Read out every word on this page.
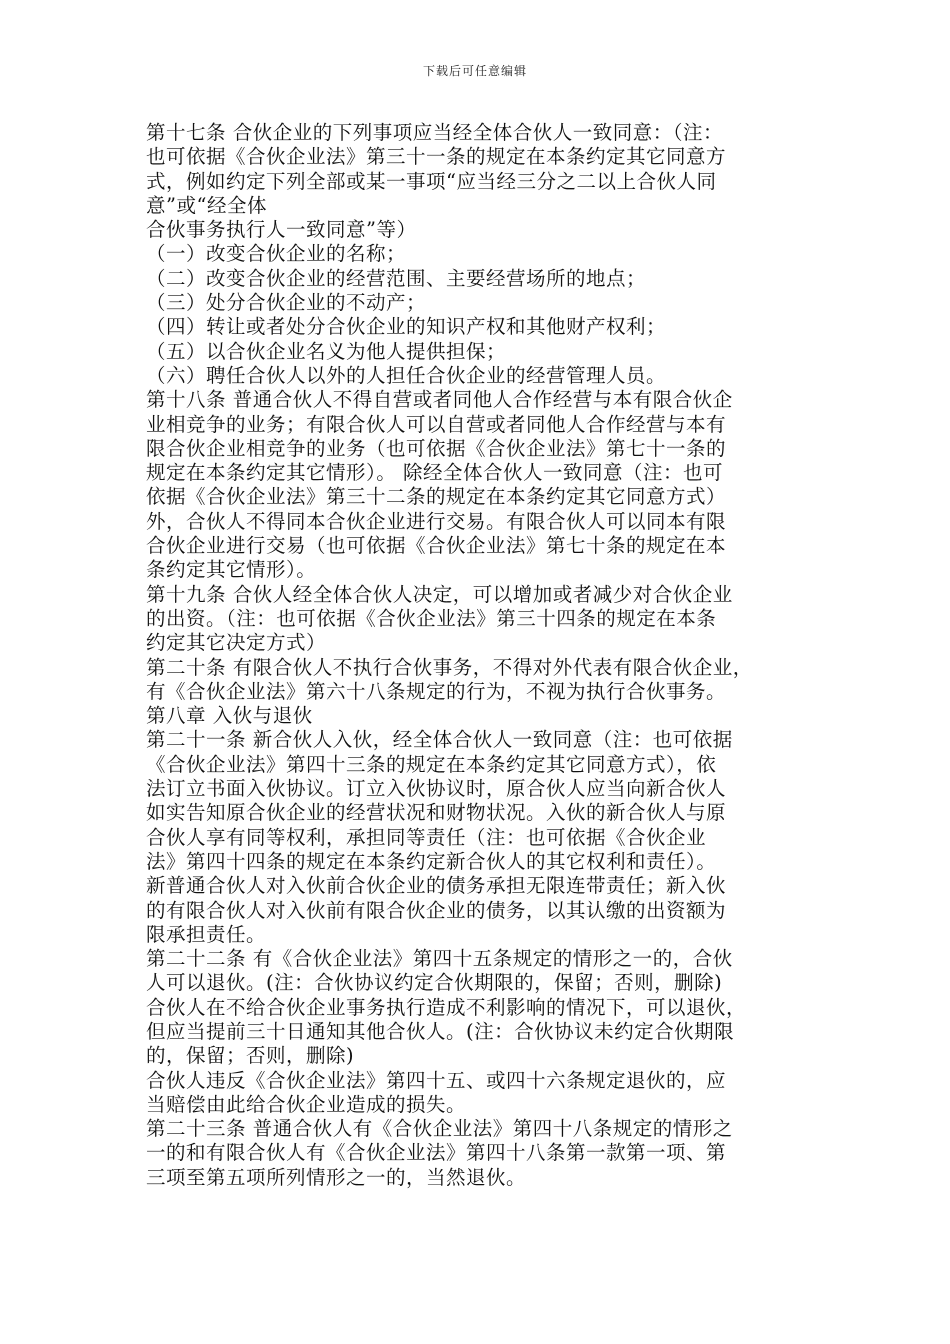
下载后可任意编辑
第十七条 合伙企业的下列事项应当经全体合伙人一致同意：（注：
也可依据《合伙企业法》第三十一条的规定在本条约定其它同意方
式，例如约定下列全部或某一事项“应当经三分之二以上合伙人同
意”或“经全体
合伙事务执行人一致同意”等）
（一）改变合伙企业的名称；
（二）改变合伙企业的经营范围、主要经营场所的地点；
（三）处分合伙企业的不动产；
（四）转让或者处分合伙企业的知识产权和其他财产权利；
（五）以合伙企业名义为他人提供担保；
（六）聘任合伙人以外的人担任合伙企业的经营管理人员。
第十八条 普通合伙人不得自营或者同他人合作经营与本有限合伙企
业相竞争的业务；有限合伙人可以自营或者同他人合作经营与本有
限合伙企业相竞争的业务（也可依据《合伙企业法》第七十一条的
规定在本条约定其它情形）。 除经全体合伙人一致同意（注：也可
依据《合伙企业法》第三十二条的规定在本条约定其它同意方式）
外，合伙人不得同本合伙企业进行交易。有限合伙人可以同本有限
合伙企业进行交易（也可依据《合伙企业法》第七十条的规定在本
条约定其它情形）。
第十九条 合伙人经全体合伙人决定，可以增加或者减少对合伙企业
的出资。（注：也可依据《合伙企业法》第三十四条的规定在本条
约定其它决定方式）
第二十条 有限合伙人不执行合伙事务，不得对外代表有限合伙企业，
有《合伙企业法》第六十八条规定的行为，不视为执行合伙事务。
第八章 入伙与退伙
第二十一条 新合伙人入伙，经全体合伙人一致同意（注：也可依据
《合伙企业法》第四十三条的规定在本条约定其它同意方式），依
法订立书面入伙协议。订立入伙协议时，原合伙人应当向新合伙人
如实告知原合伙企业的经营状况和财物状况。入伙的新合伙人与原
合伙人享有同等权利，承担同等责任（注：也可依据《合伙企业
法》第四十四条的规定在本条约定新合伙人的其它权利和责任）。
新普通合伙人对入伙前合伙企业的债务承担无限连带责任；新入伙
的有限合伙人对入伙前有限合伙企业的债务，以其认缴的出资额为
限承担责任。
第二十二条 有《合伙企业法》第四十五条规定的情形之一的，合伙
人可以退伙。(注：合伙协议约定合伙期限的，保留；否则，删除)
合伙人在不给合伙企业事务执行造成不利影响的情况下，可以退伙，
但应当提前三十日通知其他合伙人。(注：合伙协议未约定合伙期限
的，保留；否则，删除)
合伙人违反《合伙企业法》第四十五、或四十六条规定退伙的，应
当赔偿由此给合伙企业造成的损失。
第二十三条 普通合伙人有《合伙企业法》第四十八条规定的情形之
一的和有限合伙人有《合伙企业法》第四十八条第一款第一项、第
三项至第五项所列情形之一的，当然退伙。
